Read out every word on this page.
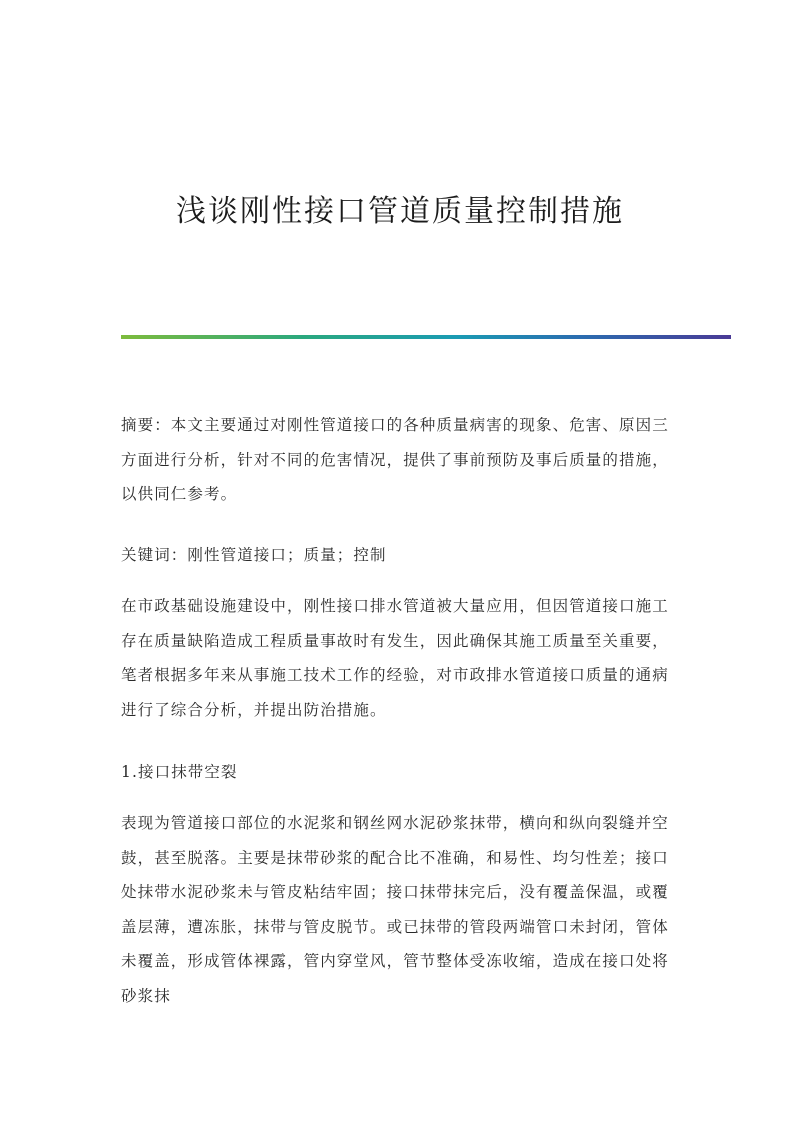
浅谈刚性接口管道质量控制措施
摘要：本文主要通过对刚性管道接口的各种质量病害的现象、危害、原因三方面进行分析，针对不同的危害情况，提供了事前预防及事后质量的措施，以供同仁参考。
关键词：刚性管道接口；质量；控制
在市政基础设施建设中，刚性接口排水管道被大量应用，但因管道接口施工存在质量缺陷造成工程质量事故时有发生，因此确保其施工质量至关重要，笔者根据多年来从事施工技术工作的经验，对市政排水管道接口质量的通病进行了综合分析，并提出防治措施。
1.接口抹带空裂
表现为管道接口部位的水泥浆和钢丝网水泥砂浆抹带，横向和纵向裂缝并空鼓，甚至脱落。主要是抹带砂浆的配合比不准确，和易性、均匀性差；接口处抹带水泥砂浆未与管皮粘结牢固；接口抹带抹完后，没有覆盖保温，或覆盖层薄，遭冻胀，抹带与管皮脱节。或已抹带的管段两端管口未封闭，管体未覆盖，形成管体裸露，管内穿堂风，管节整体受冻收缩，造成在接口处将砂浆抹
